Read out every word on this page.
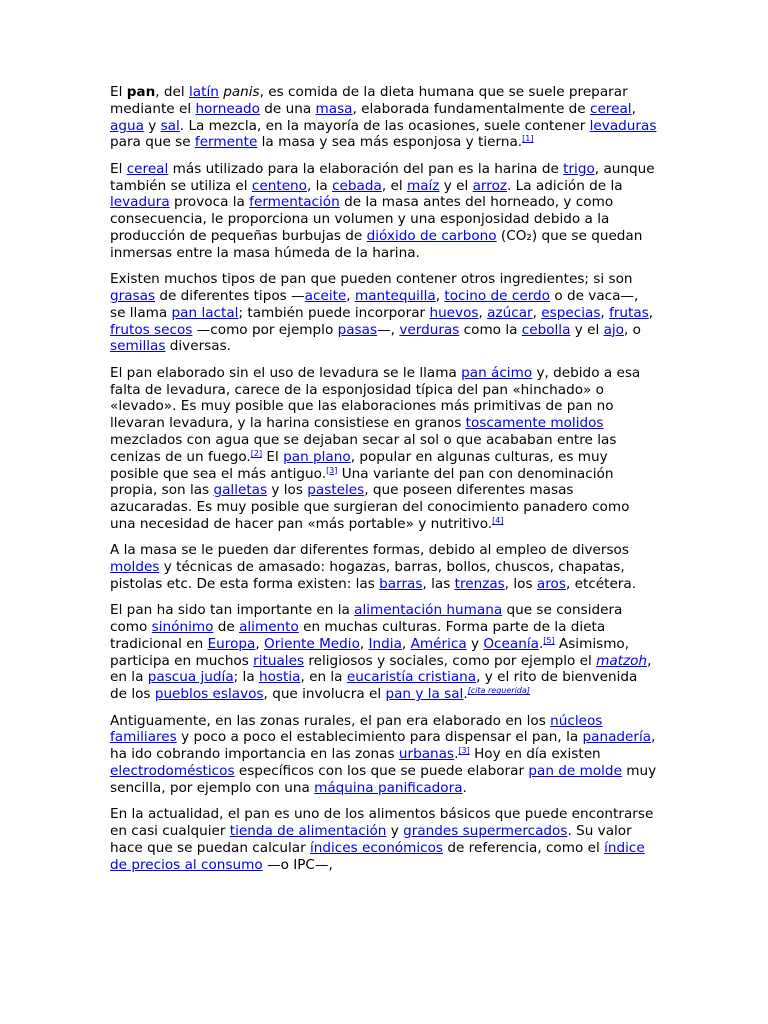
El pan, del latín panis, es comida de la dieta humana que se suele preparar mediante el horneado de una masa, elaborada fundamentalmente de cereal, agua y sal. La mezcla, en la mayoría de las ocasiones, suele contener levaduras para que se fermente la masa y sea más esponjosa y tierna.[1]

El cereal más utilizado para la elaboración del pan es la harina de trigo, aunque también se utiliza el centeno, la cebada, el maíz y el arroz. La adición de la levadura provoca la fermentación de la masa antes del horneado, y como consecuencia, le proporciona un volumen y una esponjosidad debido a la producción de pequeñas burbujas de dióxido de carbono (CO₂) que se quedan inmersas entre la masa húmeda de la harina.

Existen muchos tipos de pan que pueden contener otros ingredientes; si son grasas de diferentes tipos —aceite, mantequilla, tocino de cerdo o de vaca—, se llama pan lactal; también puede incorporar huevos, azúcar, especias, frutas, frutos secos —como por ejemplo pasas—, verduras como la cebolla y el ajo, o semillas diversas.

El pan elaborado sin el uso de levadura se le llama pan ácimo y, debido a esa falta de levadura, carece de la esponjosidad típica del pan «hinchado» o «levado». Es muy posible que las elaboraciones más primitivas de pan no llevaran levadura, y la harina consistiese en granos toscamente molidos mezclados con agua que se dejaban secar al sol o que acababan entre las cenizas de un fuego.[2] El pan plano, popular en algunas culturas, es muy posible que sea el más antiguo.[3] Una variante del pan con denominación propia, son las galletas y los pasteles, que poseen diferentes masas azucaradas. Es muy posible que surgieran del conocimiento panadero como una necesidad de hacer pan «más portable» y nutritivo.[4]

A la masa se le pueden dar diferentes formas, debido al empleo de diversos moldes y técnicas de amasado: hogazas, barras, bollos, chuscos, chapatas, pistolas etc. De esta forma existen: las barras, las trenzas, los aros, etcétera.

El pan ha sido tan importante en la alimentación humana que se considera como sinónimo de alimento en muchas culturas. Forma parte de la dieta tradicional en Europa, Oriente Medio, India, América y Oceanía.[5] Asimismo, participa en muchos rituales religiosos y sociales, como por ejemplo el matzoh, en la pascua judía; la hostia, en la eucaristía cristiana, y el rito de bienvenida de los pueblos eslavos, que involucra el pan y la sal.[cita requerida]

Antiguamente, en las zonas rurales, el pan era elaborado en los núcleos familiares y poco a poco el establecimiento para dispensar el pan, la panadería, ha ido cobrando importancia en las zonas urbanas.[3] Hoy en día existen electrodomésticos específicos con los que se puede elaborar pan de molde muy sencilla, por ejemplo con una máquina panificadora.

En la actualidad, el pan es uno de los alimentos básicos que puede encontrarse en casi cualquier tienda de alimentación y grandes supermercados. Su valor hace que se puedan calcular índices económicos de referencia, como el índice de precios al consumo —o IPC—,
